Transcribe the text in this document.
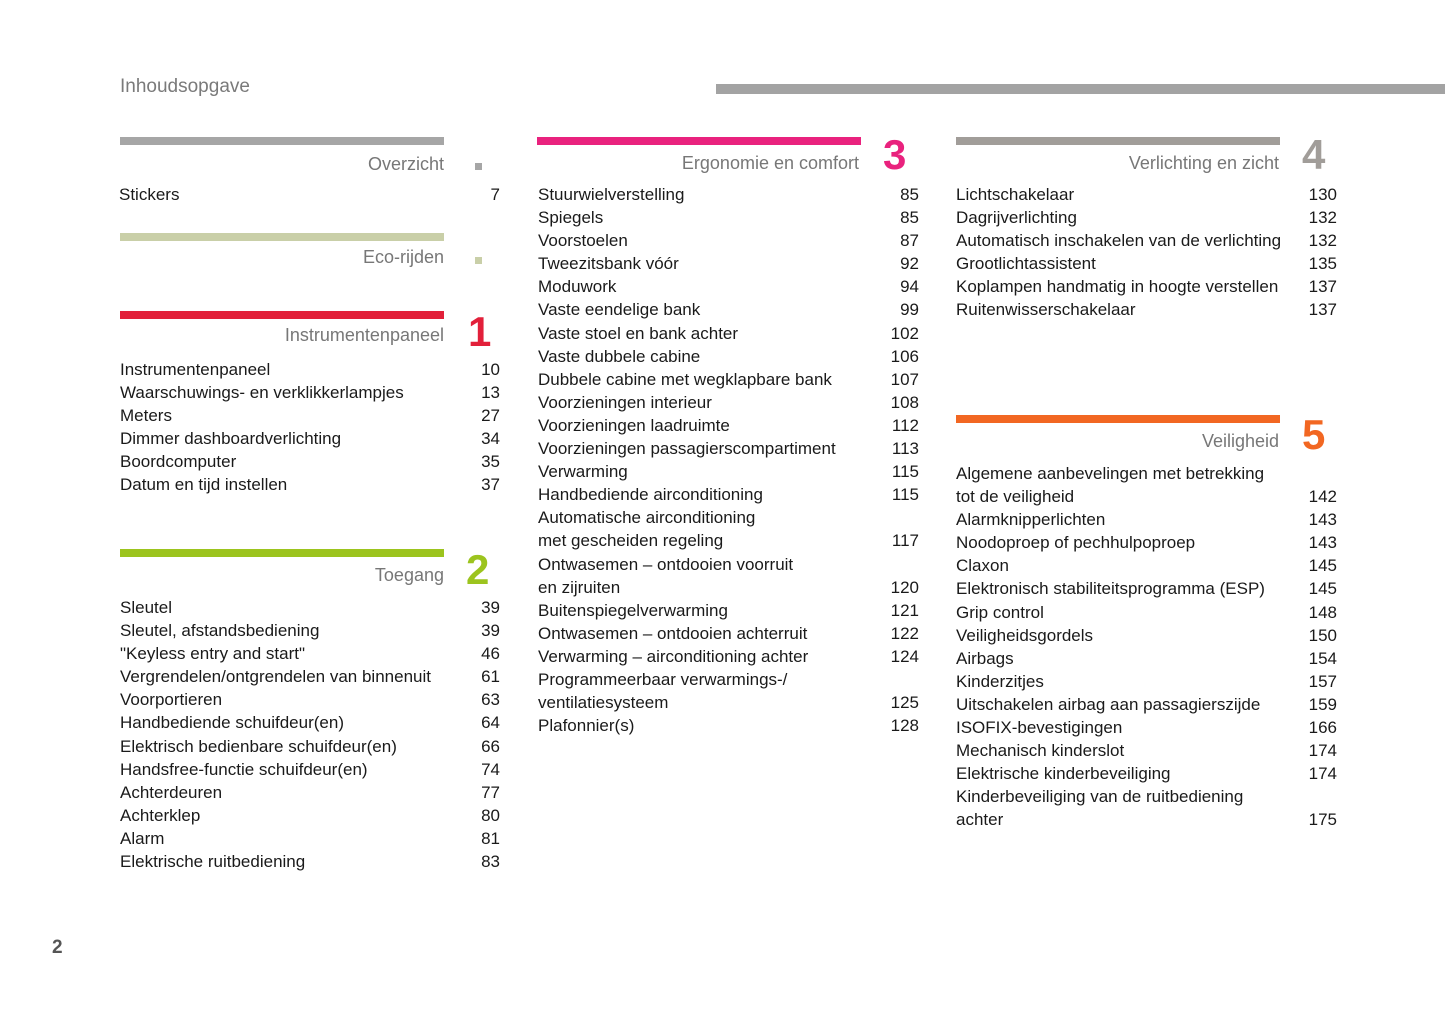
Inhoudsopgave
Overzicht
Stickers	7
Eco-rijden
Instrumentenpaneel 1
Instrumentenpaneel	10
Waarschuwings- en verklikkerlampjes	13
Meters	27
Dimmer dashboardverlichting	34
Boordcomputer	35
Datum en tijd instellen	37
Toegang 2
Sleutel	39
Sleutel, afstandsbediening	39
"Keyless entry and start"	46
Vergrendelen/ontgrendelen van binnenuit	61
Voorportieren	63
Handbediende schuifdeur(en)	64
Elektrisch bedienbare schuifdeur(en)	66
Handsfree-functie schuifdeur(en)	74
Achterdeuren	77
Achterklep	80
Alarm	81
Elektrische ruitbediening	83
Ergonomie en comfort 3
Stuurwielverstelling	85
Spiegels	85
Voorstoelen	87
Tweezitsbank vóór	92
Moduwork	94
Vaste eendelige bank	99
Vaste stoel en bank achter	102
Vaste dubbele cabine	106
Dubbele cabine met wegklapbare bank	107
Voorzieningen interieur	108
Voorzieningen laadruimte	112
Voorzieningen passagierscompartiment	113
Verwarming	115
Handbediende airconditioning	115
Automatische airconditioning
met gescheiden regeling	117
Ontwasemen – ontdooien voorruit
en zijruiten	120
Buitenspiegelverwarming	121
Ontwasemen – ontdooien achterruit	122
Verwarming – airconditioning achter	124
Programmeerbaar verwarmings-/
ventilatiesysteem	125
Plafonnier(s)	128
Verlichting en zicht 4
Lichtschakelaar	130
Dagrijverlichting	132
Automatisch inschakelen van de verlichting 132
Grootlichtassistent	135
Koplampen handmatig in hoogte verstellen 137
Ruitenwisserschakelaar	137
Veiligheid 5
Algemene aanbevelingen met betrekking
tot de veiligheid	142
Alarmknipperlichten	143
Noodoproep of pechhulpoproep	143
Claxon	145
Elektronisch stabiliteitsprogramma (ESP)	145
Grip control	148
Veiligheidsgordels	150
Airbags	154
Kinderzitjes	157
Uitschakelen airbag aan passagierszijde	159
ISOFIX-bevestigingen	166
Mechanisch kinderslot	174
Elektrische kinderbeveiliging	174
Kinderbeveiliging van de ruitbediening
achter	175
2
